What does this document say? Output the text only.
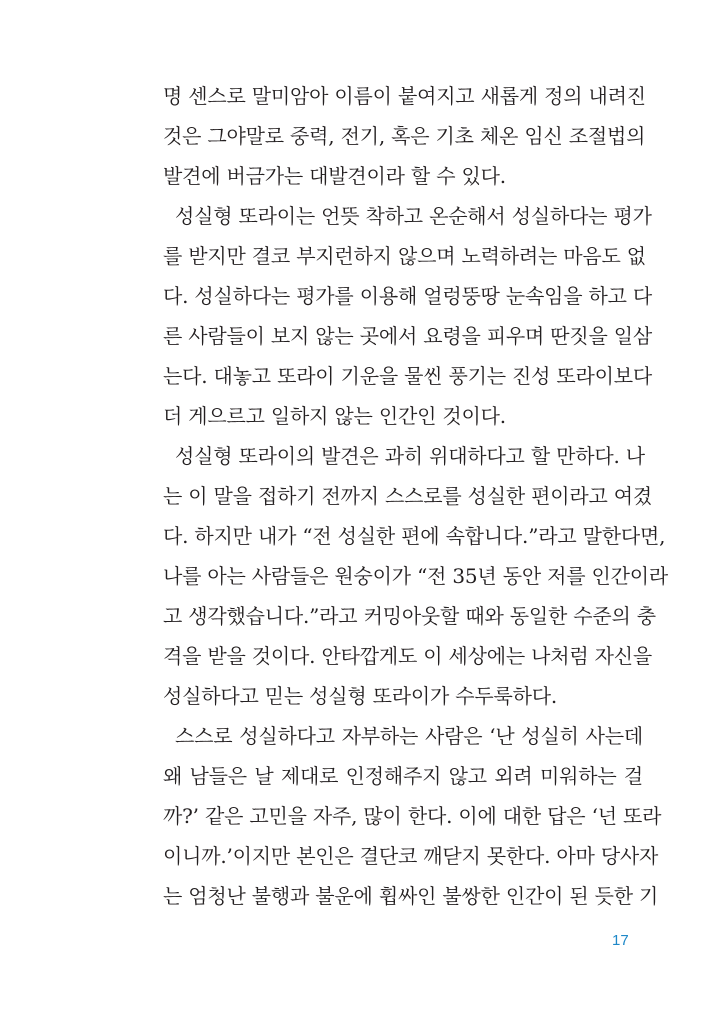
명 센스로 말미암아 이름이 붙여지고 새롭게 정의 내려진
것은 그야말로 중력, 전기, 혹은 기초 체온 임신 조절법의
발견에 버금가는 대발견이라 할 수 있다.
성실형 또라이는 언뜻 착하고 온순해서 성실하다는 평가
를 받지만 결코 부지런하지 않으며 노력하려는 마음도 없
다. 성실하다는 평가를 이용해 얼렁뚱땅 눈속임을 하고 다
른 사람들이 보지 않는 곳에서 요령을 피우며 딴짓을 일삼
는다. 대놓고 또라이 기운을 물씬 풍기는 진성 또라이보다
더 게으르고 일하지 않는 인간인 것이다.
성실형 또라이의 발견은 과히 위대하다고 할 만하다. 나
는 이 말을 접하기 전까지 스스로를 성실한 편이라고 여겼
다. 하지만 내가 “전 성실한 편에 속합니다.”라고 말한다면,
나를 아는 사람들은 원숭이가 “전 35년 동안 저를 인간이라
고 생각했습니다.”라고 커밍아웃할 때와 동일한 수준의 충
격을 받을 것이다. 안타깝게도 이 세상에는 나처럼 자신을
성실하다고 믿는 성실형 또라이가 수두룩하다.
스스로 성실하다고 자부하는 사람은 ‘난 성실히 사는데
왜 남들은 날 제대로 인정해주지 않고 외려 미워하는 걸
까?’ 같은 고민을 자주, 많이 한다. 이에 대한 답은 ‘넌 또라
이니까.’이지만 본인은 결단코 깨닫지 못한다. 아마 당사자
는 엄청난 불행과 불운에 휩싸인 불쌍한 인간이 된 듯한 기
17
